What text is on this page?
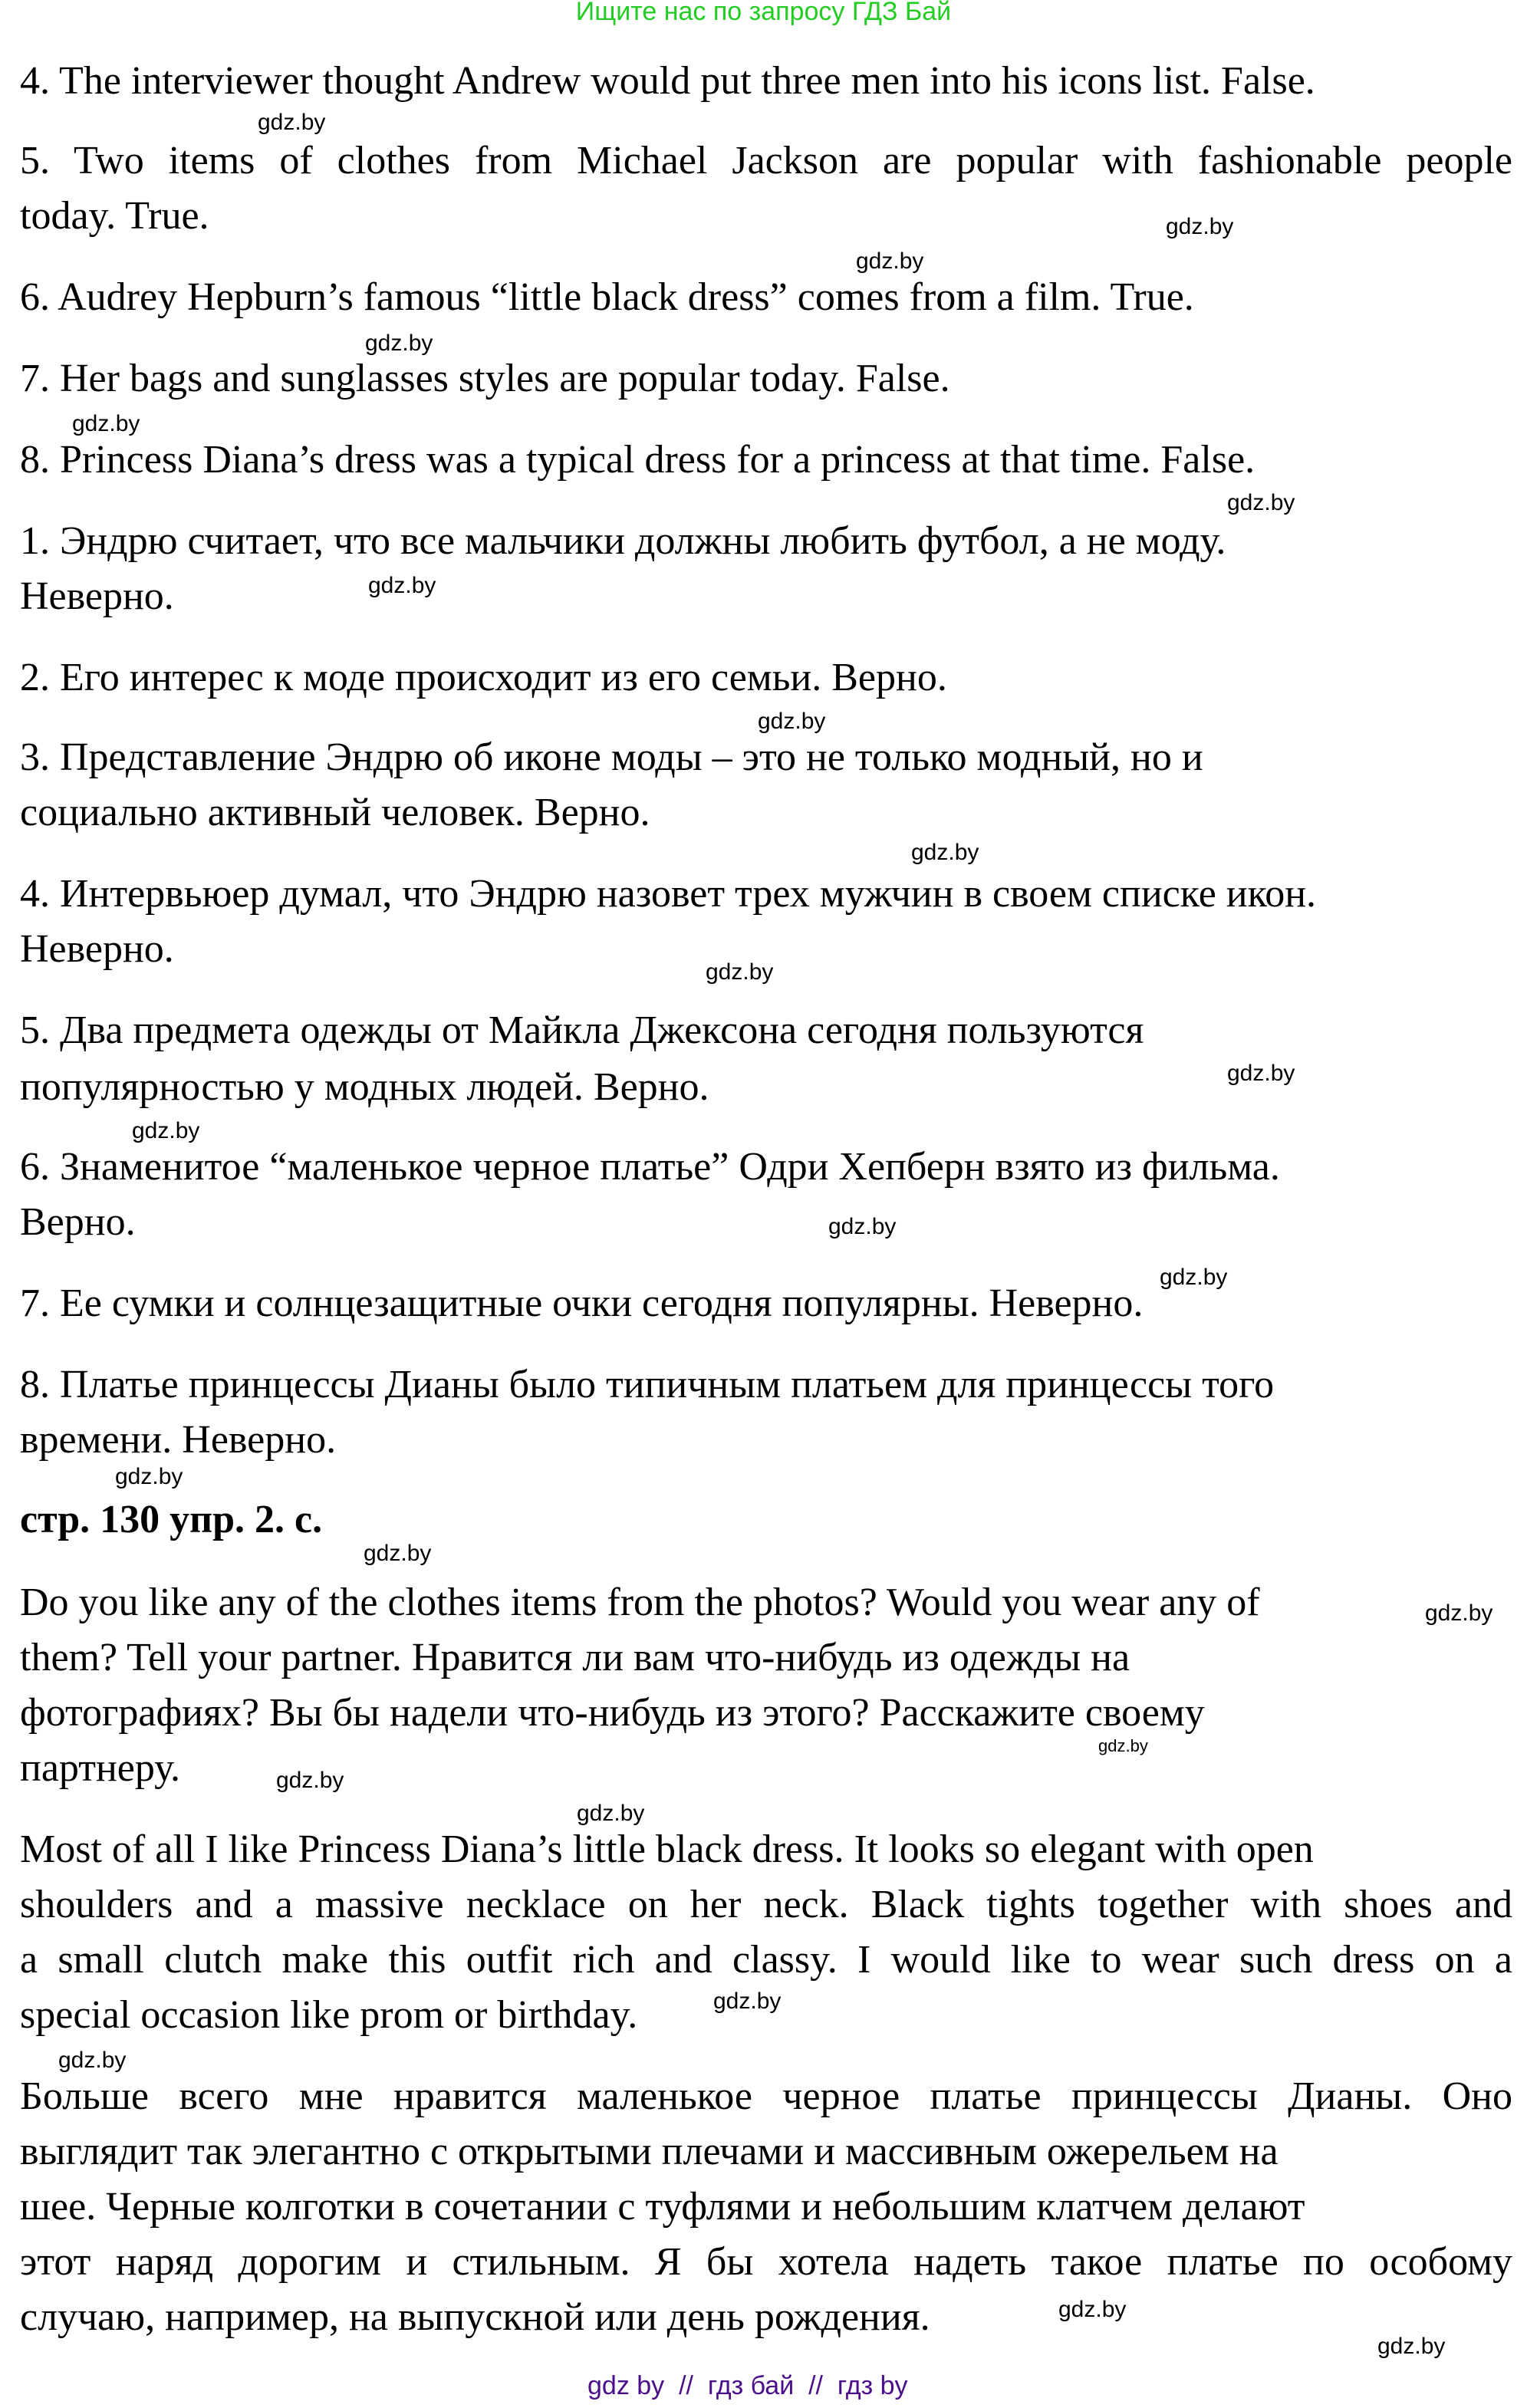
Ищите нас по запросу ГДЗ Бай
4. The interviewer thought Andrew would put three men into his icons list. False.
5. Two items of clothes from Michael Jackson are popular with fashionable people
today. True.
6. Audrey Hepburn’s famous “little black dress” comes from a film. True.
7. Her bags and sunglasses styles are popular today. False.
8. Princess Diana’s dress was a typical dress for a princess at that time. False.
1. Эндрю считает, что все мальчики должны любить футбол, а не моду.
Неверно.
2. Его интерес к моде происходит из его семьи. Верно.
3. Представление Эндрю об иконе моды – это не только модный, но и
социально активный человек. Верно.
4. Интервьюер думал, что Эндрю назовет трех мужчин в своем списке икон.
Неверно.
5. Два предмета одежды от Майкла Джексона сегодня пользуются
популярностью у модных людей. Верно.
6. Знаменитое “маленькое черное платье” Одри Хепберн взято из фильма.
Верно.
7. Ее сумки и солнцезащитные очки сегодня популярны. Неверно.
8. Платье принцессы Дианы было типичным платьем для принцессы того
времени. Неверно.
стр. 130 упр. 2. с.
Do you like any of the clothes items from the photos? Would you wear any of
them? Tell your partner. Нравится ли вам что-нибудь из одежды на
фотографиях? Вы бы надели что-нибудь из этого? Расскажите своему
партнеру.
Most of all I like Princess Diana’s little black dress. It looks so elegant with open
shoulders and a massive necklace on her neck. Black tights together with shoes and
a small clutch make this outfit rich and classy. I would like to wear such dress on a
special occasion like prom or birthday.
Больше всего мне нравится маленькое черное платье принцессы Дианы. Оно
выглядит так элегантно с открытыми плечами и массивным ожерельем на
шее. Черные колготки в сочетании с туфлями и небольшим клатчем делают
этот наряд дорогим и стильным. Я бы хотела надеть такое платье по особому
случаю, например, на выпускной или день рождения.
gdz.by
gdz.by
gdz.by
gdz.by
gdz.by
gdz.by
gdz.by
gdz.by
gdz.by
gdz.by
gdz.by
gdz.by
gdz.by
gdz.by
gdz.by
gdz.by
gdz.by
gdz.by
gdz.by
gdz.by
gdz.by
gdz.by
gdz.by
gdz.by
gdz by  //  гдз бай  //  гдз by
